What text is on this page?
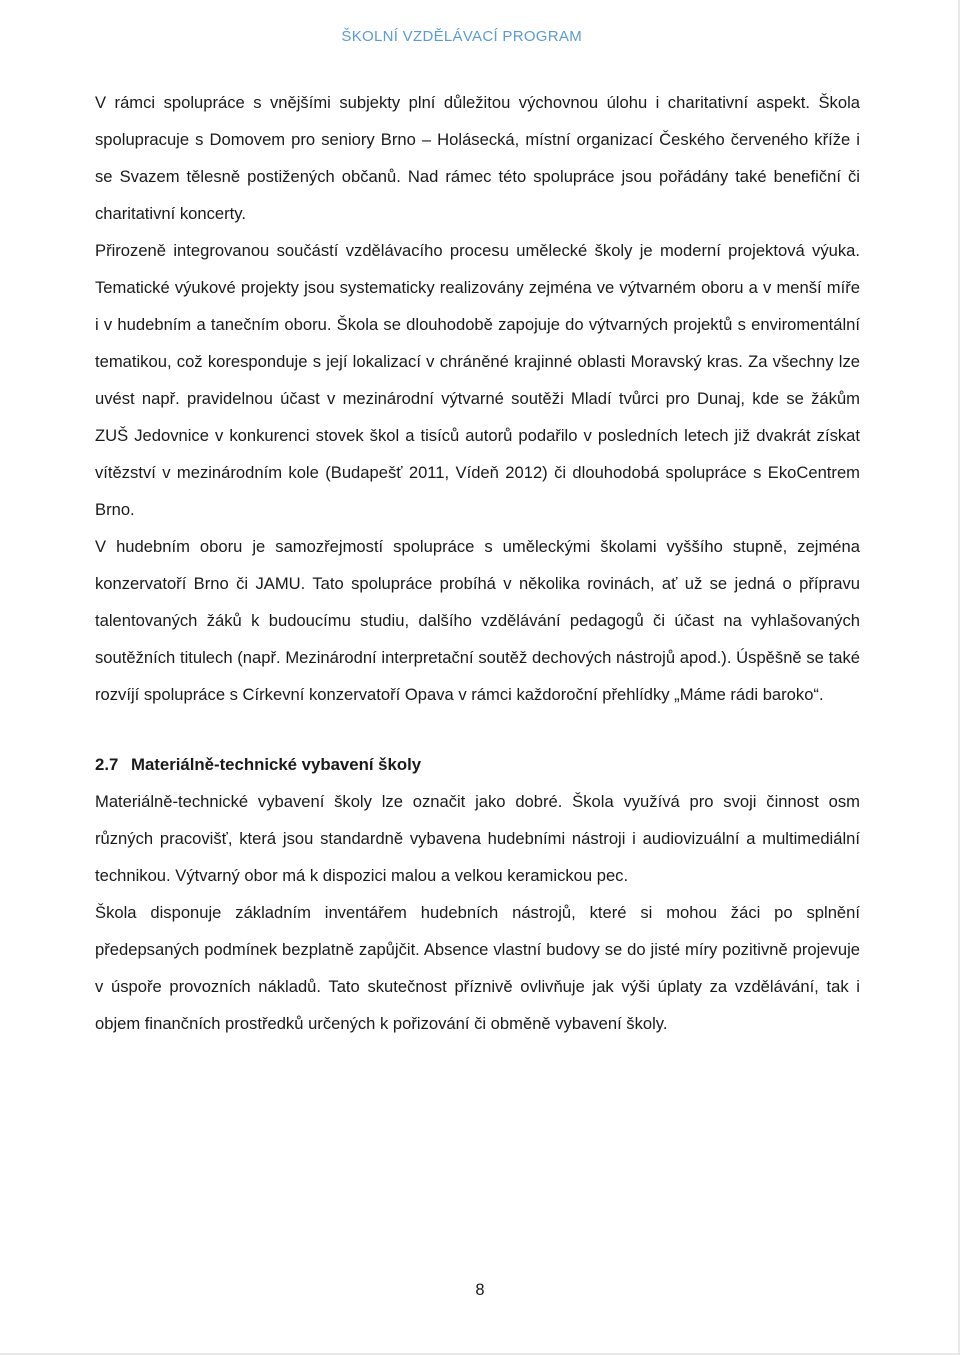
ŠKOLNÍ VZDĚLÁVACÍ PROGRAM

V rámci spolupráce s vnějšími subjekty plní důležitou výchovnou úlohu i charitativní aspekt. Škola spolupracuje s Domovem pro seniory Brno – Holásecká, místní organizací Českého červeného kříže i se Svazem tělesně postižených občanů. Nad rámec této spolupráce jsou pořádány také benefiční či charitativní koncerty.

Přirozeně integrovanou součástí vzdělávacího procesu umělecké školy je moderní projektová výuka. Tematické výukové projekty jsou systematicky realizovány zejména ve výtvarném oboru a v menší míře i v hudebním a tanečním oboru. Škola se dlouhodobě zapojuje do výtvarných projektů s enviromentální tematikou, což koresponduje s její lokalizací v chráněné krajinné oblasti Moravský kras. Za všechny lze uvést např. pravidelnou účast v mezinárodní výtvarné soutěži Mladí tvůrci pro Dunaj, kde se žákům ZUŠ Jedovnice v konkurenci stovek škol a tisíců autorů podařilo v posledních letech již dvakrát získat vítězství v mezinárodním kole (Budapešť 2011, Vídeň 2012) či dlouhodobá spolupráce s EkoCentrem Brno.

V hudebním oboru je samozřejmostí spolupráce s uměleckými školami vyššího stupně, zejména konzervatoří Brno či JAMU. Tato spolupráce probíhá v několika rovinách, ať už se jedná o přípravu talentovaných žáků k budoucímu studiu, dalšího vzdělávání pedagogů či účast na vyhlašovaných soutěžních titulech (např. Mezinárodní interpretační soutěž dechových nástrojů apod.). Úspěšně se také rozvíjí spolupráce s Církevní konzervatoří Opava v rámci každoroční přehlídky „Máme rádi baroko“.

2.7 Materiálně-technické vybavení školy

Materiálně-technické vybavení školy lze označit jako dobré. Škola využívá pro svoji činnost osm různých pracovišť, která jsou standardně vybavena hudebními nástroji i audiovizuální a multimediální technikou. Výtvarný obor má k dispozici malou a velkou keramickou pec.

Škola disponuje základním inventářem hudebních nástrojů, které si mohou žáci po splnění předepsaných podmínek bezplatně zapůjčit. Absence vlastní budovy se do jisté míry pozitivně projevuje v úspoře provozních nákladů. Tato skutečnost příznivě ovlivňuje jak výši úplaty za vzdělávání, tak i objem finančních prostředků určených k pořizování či obměně vybavení školy.

8
